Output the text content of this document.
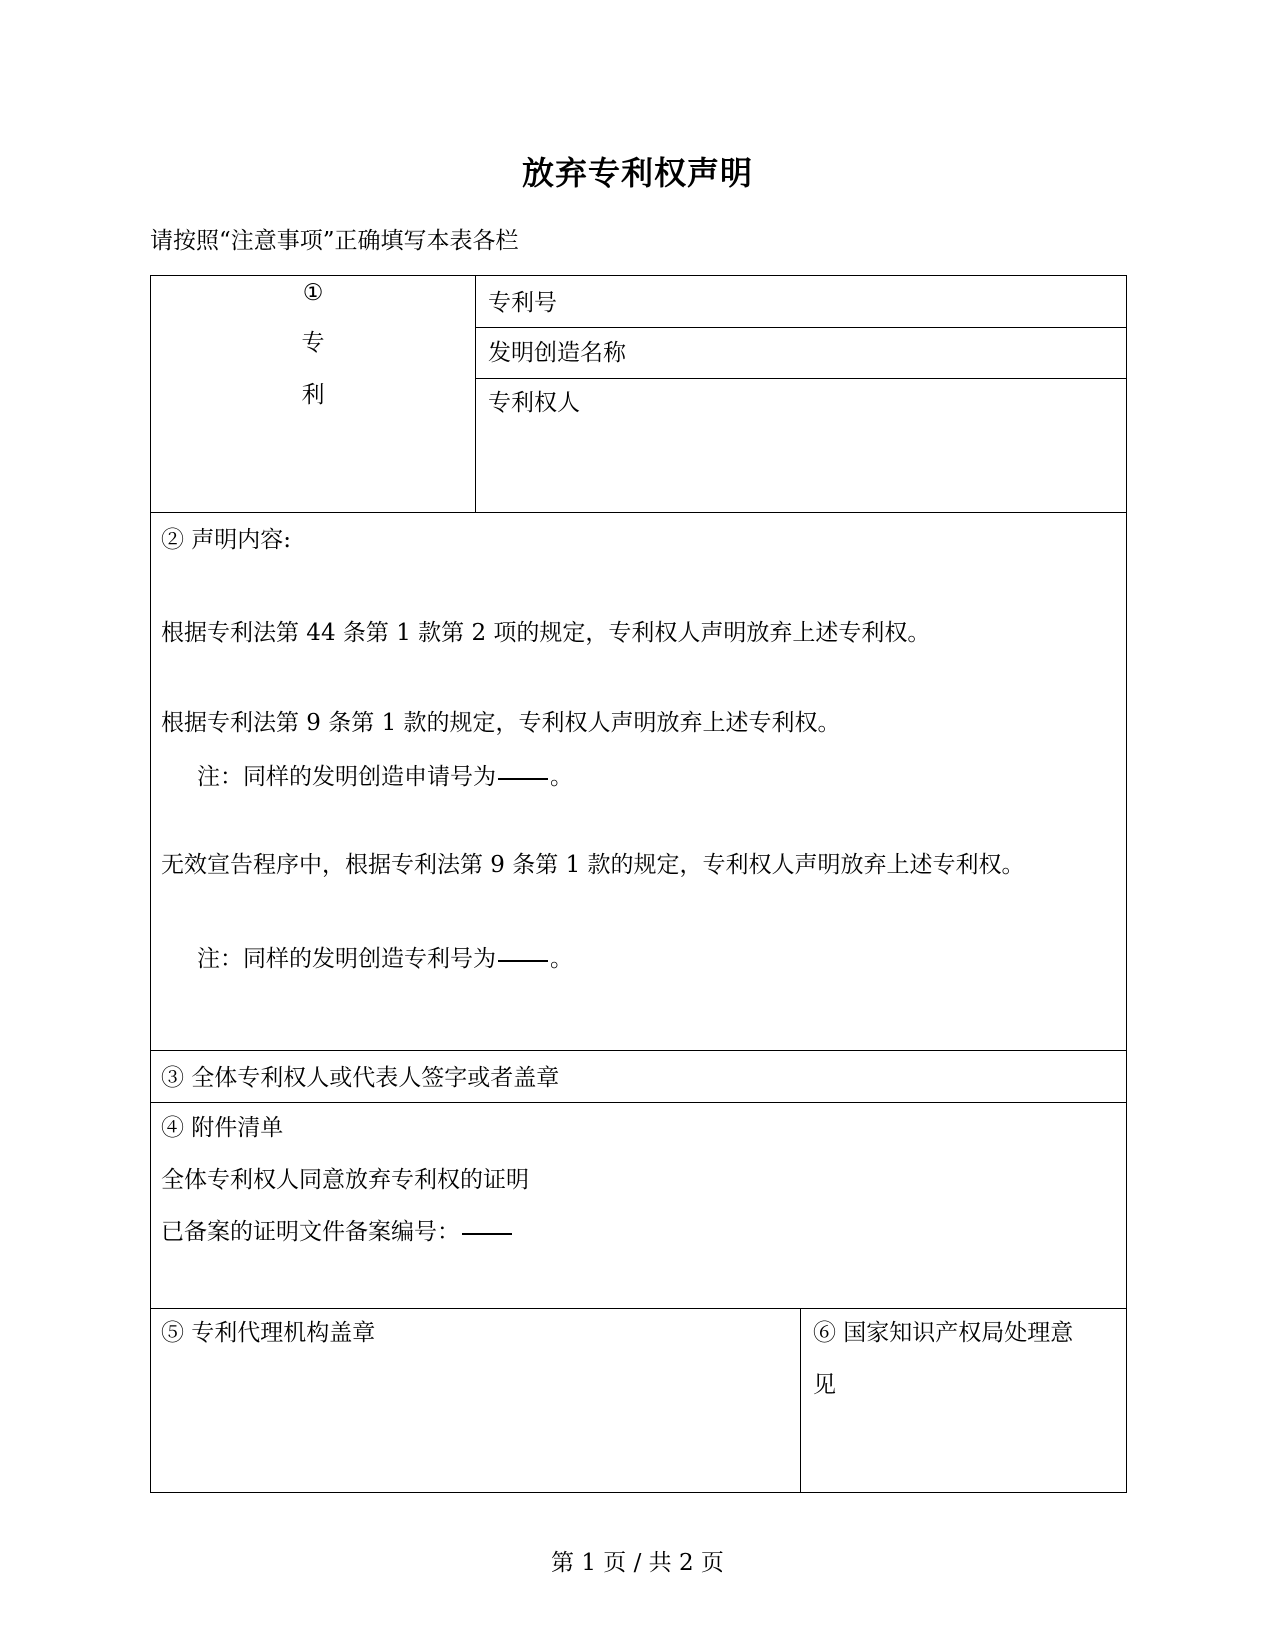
放弃专利权声明
请按照“注意事项”正确填写本表各栏
①
专
利
专利号
发明创造名称
专利权人
② 声明内容:
根据专利法第 44 条第 1 款第 2 项的规定，专利权人声明放弃上述专利权。
根据专利法第 9 条第 1 款的规定，专利权人声明放弃上述专利权。
注：同样的发明创造申请号为 。
无效宣告程序中，根据专利法第 9 条第 1 款的规定，专利权人声明放弃上述专利权。
注：同样的发明创造专利号为 。
③ 全体专利权人或代表人签字或者盖章
④ 附件清单
全体专利权人同意放弃专利权的证明
已备案的证明文件备案编号：
⑤ 专利代理机构盖章	⑥ 国家知识产权局处理意
见
第 1 页 / 共 2 页
